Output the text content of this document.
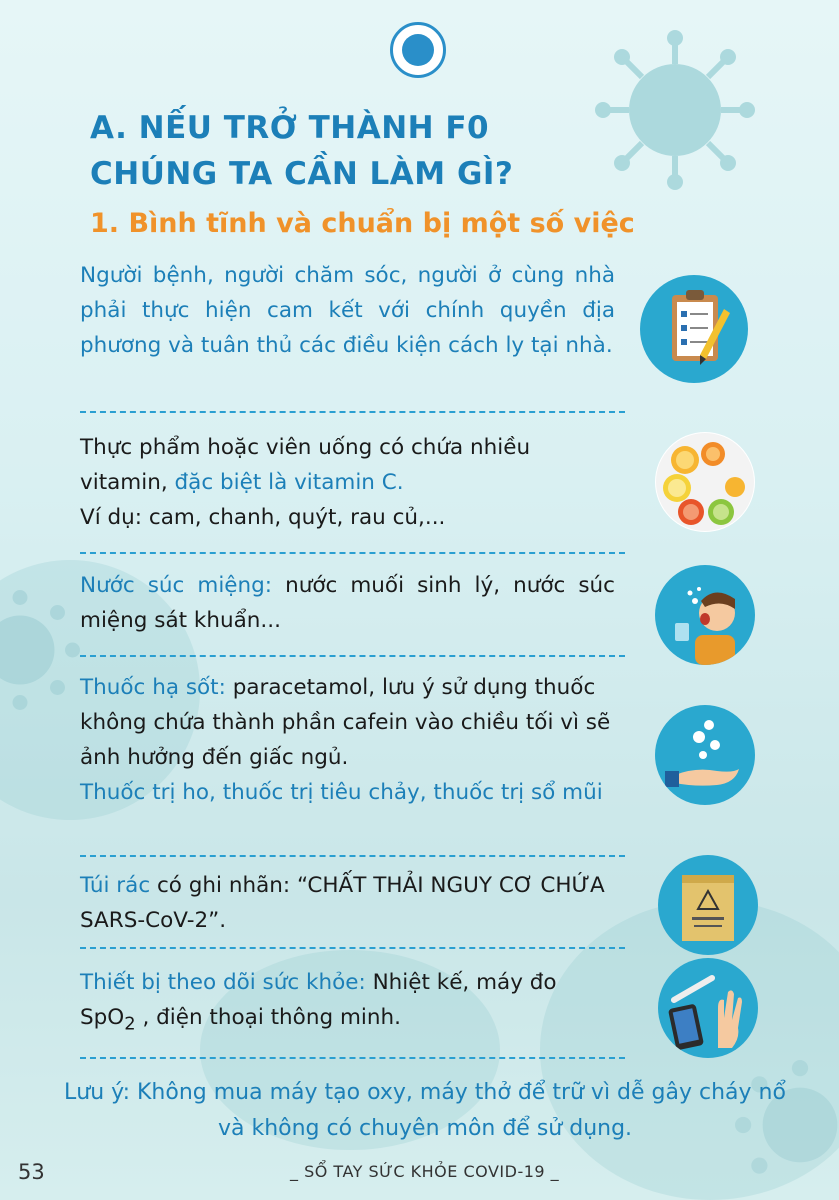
A. NẾU TRỞ THÀNH F0
CHÚNG TA CẦN LÀM GÌ?
1. Bình tĩnh và chuẩn bị một số việc
Người bệnh, người chăm sóc, người ở cùng nhà phải thực hiện cam kết với chính quyền địa phương và tuân thủ các điều kiện cách ly tại nhà.
Thực phẩm hoặc viên uống có chứa nhiều vitamin, đặc biệt là vitamin C.
Ví dụ: cam, chanh, quýt, rau củ,...
Nước súc miệng: nước muối sinh lý, nước súc miệng sát khuẩn...
Thuốc hạ sốt: paracetamol, lưu ý sử dụng thuốc không chứa thành phần cafein vào chiều tối vì sẽ ảnh hưởng đến giấc ngủ.
Thuốc trị ho, thuốc trị tiêu chảy, thuốc trị sổ mũi
Túi rác có ghi nhãn: “CHẤT THẢI NGUY CƠ CHỨA SARS-CoV-2”.
Thiết bị theo dõi sức khỏe: Nhiệt kế, máy đo SpO$_2$ , điện thoại thông minh.
Lưu ý: Không mua máy tạo oxy, máy thở để trữ vì dễ gây cháy nổ và không có chuyên môn để sử dụng.
53	_ SỔ TAY SỨC KHỎE COVID-19 _
